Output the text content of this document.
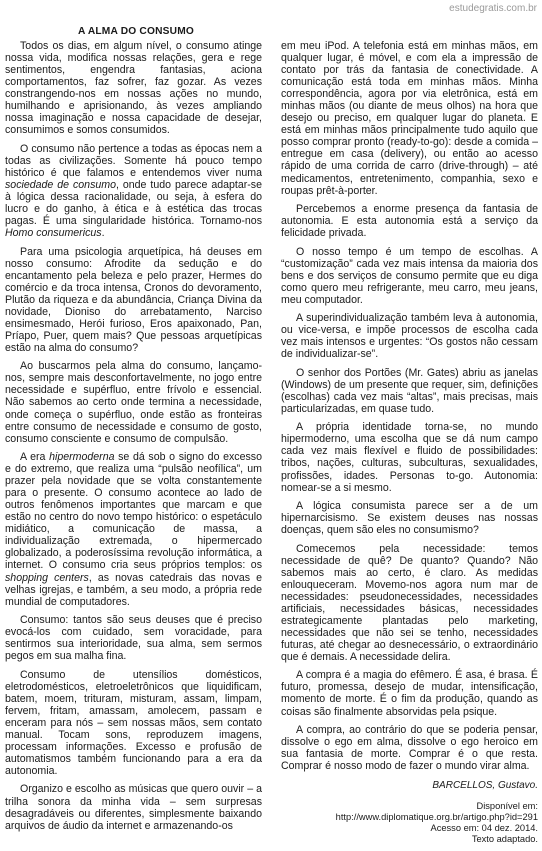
estudegratis.com.br
A ALMA DO CONSUMO

Todos os dias, em algum nível, o consumo atinge nossa vida, modifica nossas relações, gera e rege sentimentos, engendra fantasias, aciona comportamentos, faz sofrer, faz gozar. As vezes constrangendo-nos em nossas ações no mundo, humilhando e aprisionando, às vezes ampliando nossa imaginação e nossa capacidade de desejar, consumimos e somos consumidos.

O consumo não pertence a todas as épocas nem a todas as civilizações. Somente há pouco tempo histórico é que falamos e entendemos viver numa sociedade de consumo, onde tudo parece adaptar-se à lógica dessa racionalidade, ou seja, à esfera do lucro e do ganho, à ética e à estética das trocas pagas. É uma singularidade histórica. Tornamo-nos Homo consumericus.

Para uma psicologia arquetípica, há deuses em nosso consumo: Afrodite da sedução e do encantamento pela beleza e pelo prazer, Hermes do comércio e da troca intensa, Cronos do devoramento, Plutão da riqueza e da abundância, Criança Divina da novidade, Dioniso do arrebatamento, Narciso ensimesmado, Herói furioso, Eros apaixonado, Pan, Príapo, Puer, quem mais? Que pessoas arquetípicas estão na alma do consumo?

Ao buscarmos pela alma do consumo, lançamo-nos, sempre mais desconfortavelmente, no jogo entre necessidade e supérfluo, entre frívolo e essencial. Não sabemos ao certo onde termina a necessidade, onde começa o supérfluo, onde estão as fronteiras entre consumo de necessidade e consumo de gosto, consumo consciente e consumo de compulsão.

A era hipermoderna se dá sob o signo do excesso e do extremo, que realiza uma “pulsão neofílica”, um prazer pela novidade que se volta constantemente para o presente. O consumo acontece ao lado de outros fenômenos importantes que marcam e que estão no centro do novo tempo histórico: o espetáculo midiático, a comunicação de massa, a individualização extremada, o hipermercado globalizado, a poderosíssima revolução informática, a internet. O consumo cria seus próprios templos: os shopping centers, as novas catedrais das novas e velhas igrejas, e também, a seu modo, a própria rede mundial de computadores.

Consumo: tantos são seus deuses que é preciso evocá-los com cuidado, sem voracidade, para sentirmos sua interioridade, sua alma, sem sermos pegos em sua malha fina.

Consumo de utensílios domésticos, eletrodomésticos, eletroeletrônicos que liquidificam, batem, moem, trituram, misturam, assam, limpam, fervem, fritam, amassam, amolecem, passam e enceram para nós – sem nossas mãos, sem contato manual. Tocam sons, reproduzem imagens, processam informações. Excesso e profusão de automatismos também funcionando para a era da autonomia.

Organizo e escolho as músicas que quero ouvir – a trilha sonora da minha vida – sem surpresas desagradáveis ou diferentes, simplesmente baixando arquivos de áudio da internet e armazenando-os

em meu iPod. A telefonia está em minhas mãos, em qualquer lugar, é móvel, e com ela a impressão de contato por trás da fantasia de conectividade. A comunicação está toda em minhas mãos. Minha correspondência, agora por via eletrônica, está em minhas mãos (ou diante de meus olhos) na hora que desejo ou preciso, em qualquer lugar do planeta. E está em minhas mãos principalmente tudo aquilo que posso comprar pronto (ready-to-go): desde a comida – entregue em casa (delivery), ou então ao acesso rápido de uma corrida de carro (drive-through) – até medicamentos, entretenimento, companhia, sexo e roupas prêt-à-porter.

Percebemos a enorme presença da fantasia de autonomia. E esta autonomia está a serviço da felicidade privada.

O nosso tempo é um tempo de escolhas. A “customização” cada vez mais intensa da maioria dos bens e dos serviços de consumo permite que eu diga como quero meu refrigerante, meu carro, meu jeans, meu computador.

A superindividualização também leva à autonomia, ou vice-versa, e impõe processos de escolha cada vez mais intensos e urgentes: “Os gostos não cessam de individualizar-se”.

O senhor dos Portões (Mr. Gates) abriu as janelas (Windows) de um presente que requer, sim, definições (escolhas) cada vez mais “altas”, mais precisas, mais particularizadas, em quase tudo.

A própria identidade torna-se, no mundo hipermoderno, uma escolha que se dá num campo cada vez mais flexível e fluido de possibilidades: tribos, nações, culturas, subculturas, sexualidades, profissões, idades. Personas to-go. Autonomia: nomear-se a si mesmo.

A lógica consumista parece ser a de um hipernarcisismo. Se existem deuses nas nossas doenças, quem são eles no consumismo?

Comecemos pela necessidade: temos necessidade de quê? De quanto? Quando? Não sabemos mais ao certo, é claro. As medidas enlouqueceram. Movemo-nos agora num mar de necessidades: pseudonecessidades, necessidades artificiais, necessidades básicas, necessidades estrategicamente plantadas pelo marketing, necessidades que não sei se tenho, necessidades futuras, até chegar ao desnecessário, o extraordinário que é demais. A necessidade delira.

A compra é a magia do efêmero. É asa, é brasa. É futuro, promessa, desejo de mudar, intensificação, momento de morte. É o fim da produção, quando as coisas são finalmente absorvidas pela psique.

A compra, ao contrário do que se poderia pensar, dissolve o ego em alma, dissolve o ego heroico em sua fantasia de morte. Comprar é o que resta. Comprar é nosso modo de fazer o mundo virar alma.

BARCELLOS, Gustavo.

Disponível em:
http://www.diplomatique.org.br/artigo.php?id=291
Acesso em: 04 dez. 2014.
Texto adaptado.
